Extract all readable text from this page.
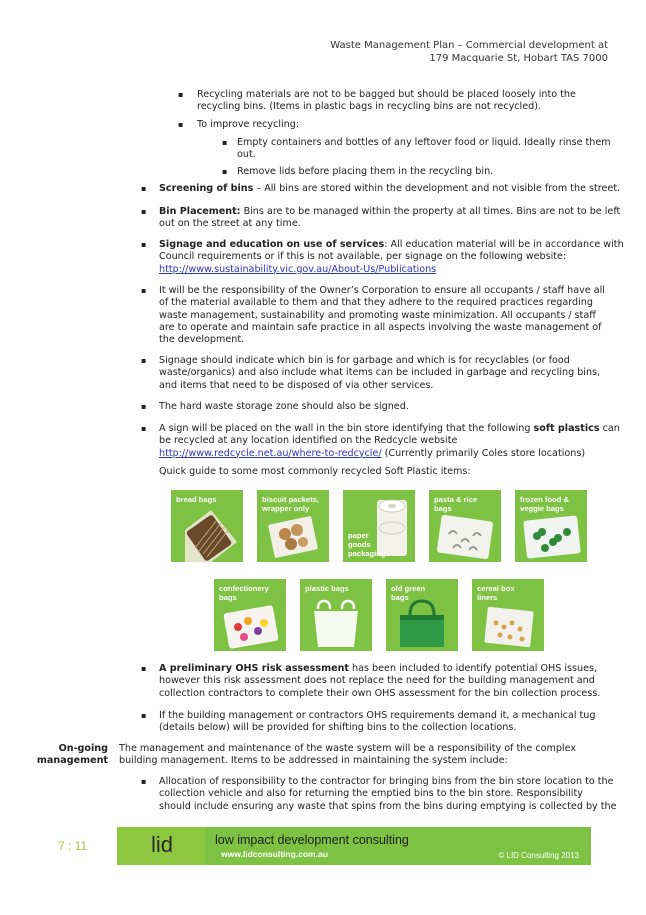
Waste Management Plan – Commercial development at
179 Macquarie St, Hobart TAS 7000
▪ Recycling materials are not to be bagged but should be placed loosely into the
recycling bins. (Items in plastic bags in recycling bins are not recycled).
▪ To improve recycling:
▪ Empty containers and bottles of any leftover food or liquid. Ideally rinse them
out.
▪ Remove lids before placing them in the recycling bin.
▪ Screening of bins – All bins are stored within the development and not visible from the street.
▪ Bin Placement: Bins are to be managed within the property at all times. Bins are not to be left
out on the street at any time.
▪ Signage and education on use of services: All education material will be in accordance with
Council requirements or if this is not available, per signage on the following website:
http://www.sustainability.vic.gov.au/About-Us/Publications
▪ It will be the responsibility of the Owner’s Corporation to ensure all occupants / staff have all
of the material available to them and that they adhere to the required practices regarding
waste management, sustainability and promoting waste minimization. All occupants / staff
are to operate and maintain safe practice in all aspects involving the waste management of
the development.
▪ Signage should indicate which bin is for garbage and which is for recyclables (or food
waste/organics) and also include what items can be included in garbage and recycling bins,
and items that need to be disposed of via other services.
▪ The hard waste storage zone should also be signed.
▪ A sign will be placed on the wall in the bin store identifying that the following soft plastics can
be recycled at any location identified on the Redcycle website
http://www.redcycle.net.au/where-to-redcycle/ (Currently primarily Coles store locations)
Quick guide to some most commonly recycled Soft Plastic items:
bread bags	biscuit packets, wrapper only
paper goods packaging
pasta & rice bags
frozen food & veggie bags
confectionery bags
plastic bags	old green bags
cereal box liners
▪ A preliminary OHS risk assessment has been included to identify potential OHS issues,
however this risk assessment does not replace the need for the building management and
collection contractors to complete their own OHS assessment for the bin collection process.
▪ If the building management or contractors OHS requirements demand it, a mechanical tug
(details below) will be provided for shifting bins to the collection locations.
On-going
management
The management and maintenance of the waste system will be a responsibility of the complex
building management. Items to be addressed in maintaining the system include:
▪ Allocation of responsibility to the contractor for bringing bins from the bin store location to the
collection vehicle and also for returning the emptied bins to the bin store. Responsibility
should include ensuring any waste that spins from the bins during emptying is collected by the
7 : 11	lid	low impact development consulting
www.lidconsulting.com.au	© LID Consulting 2013
